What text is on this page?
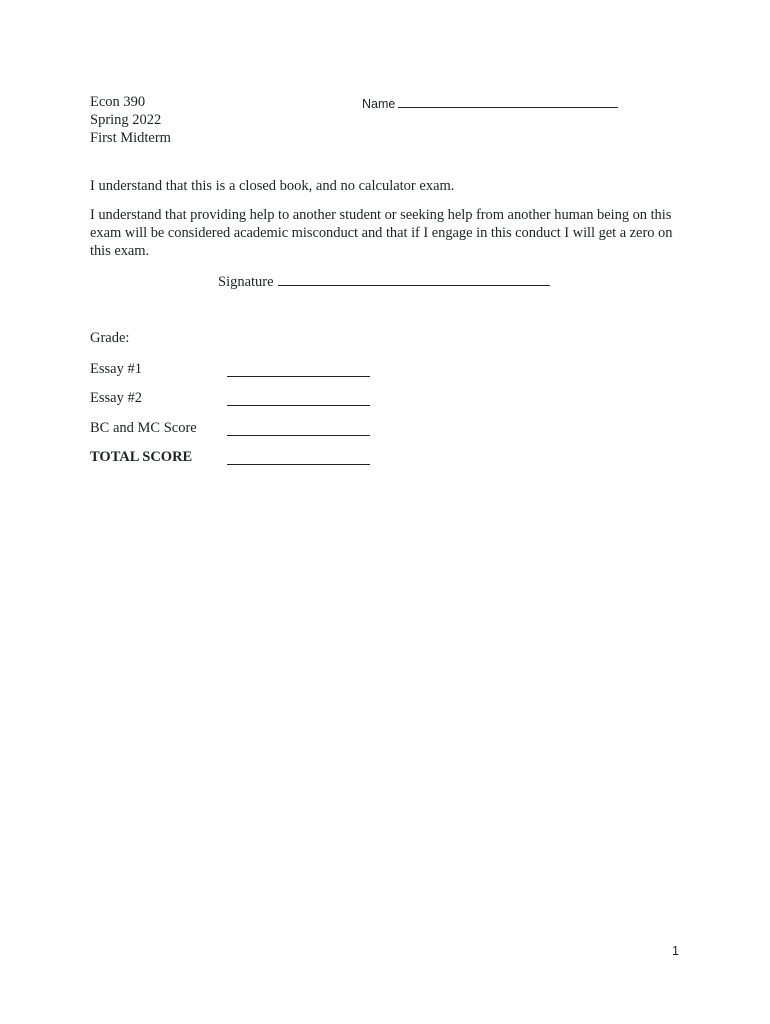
Econ 390
Spring 2022
First Midterm
Name
I understand that this is a closed book, and no calculator exam.
I understand that providing help to another student or seeking help from another human being on this exam will be considered academic misconduct and that if I engage in this conduct I will get a zero on this exam.
Signature
Grade:
Essay #1
Essay #2
BC and MC Score
TOTAL SCORE
1
